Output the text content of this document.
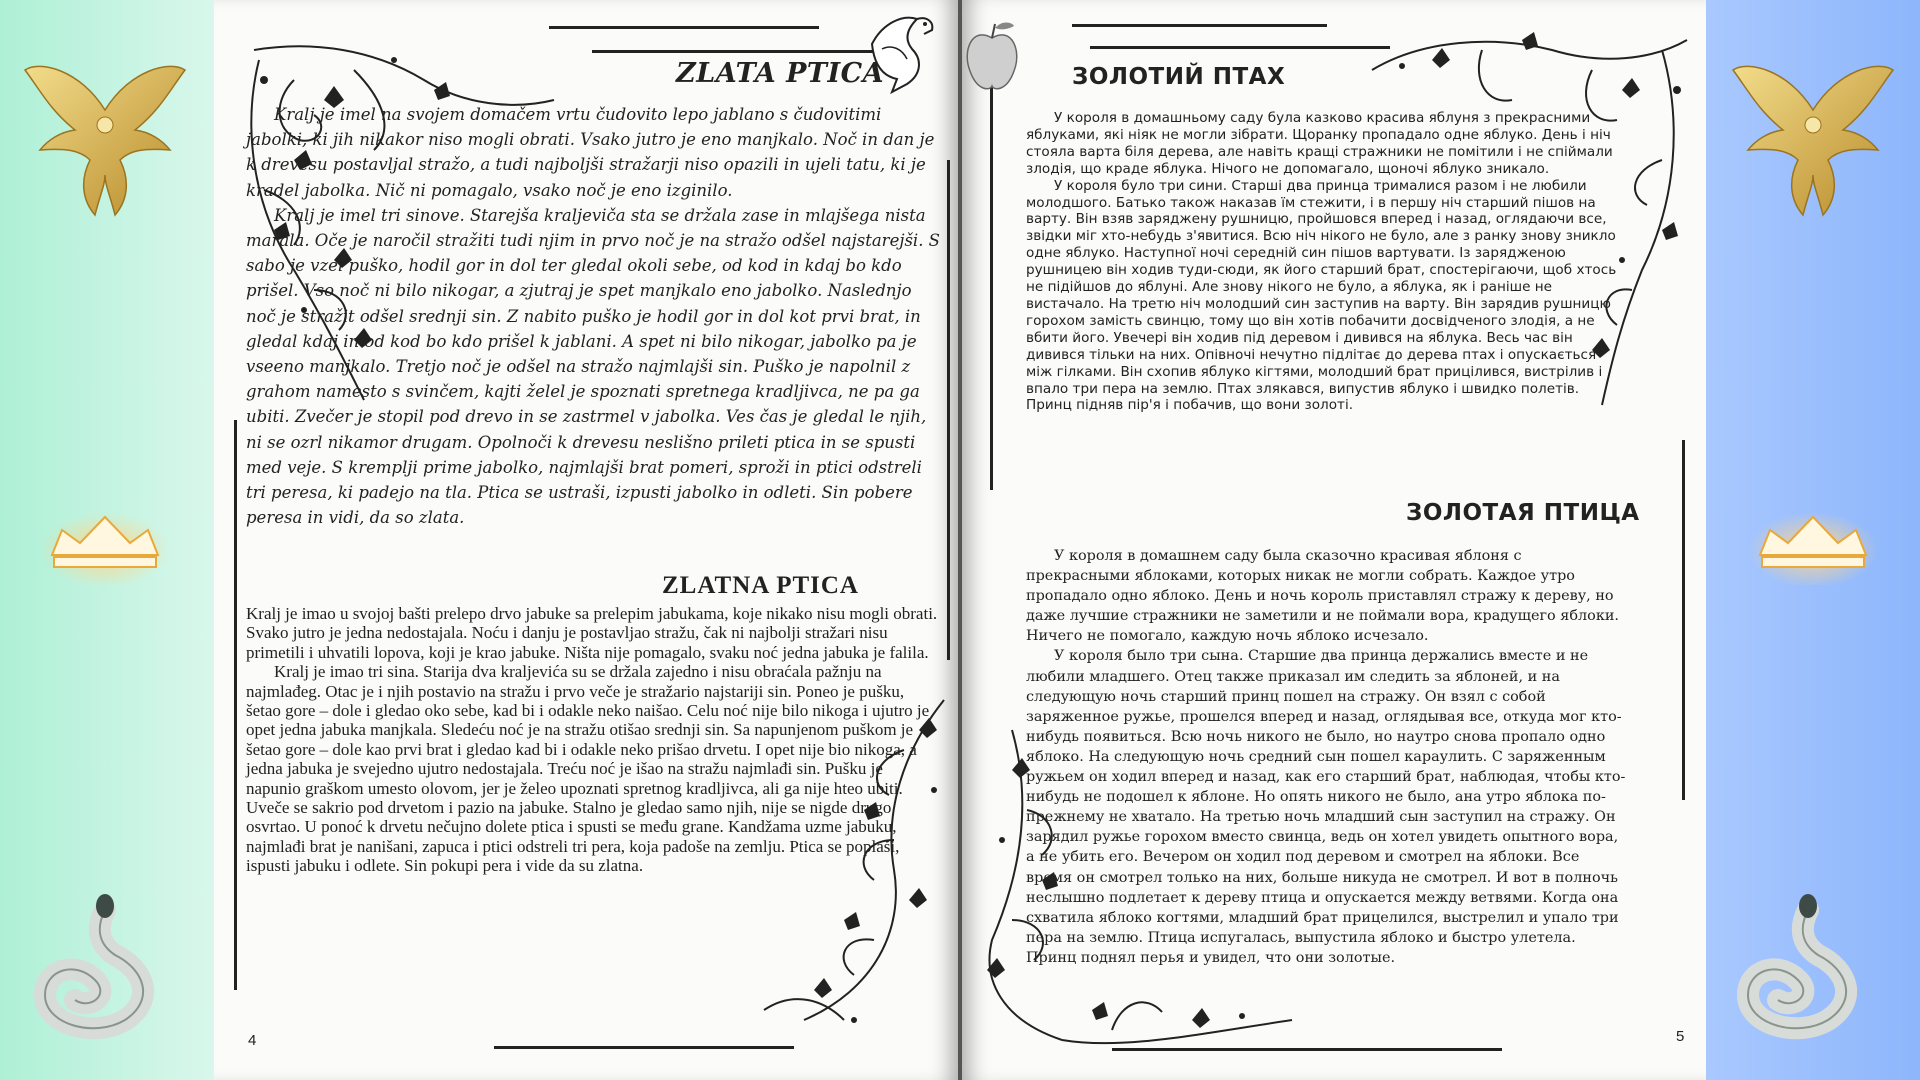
ZLATA PTICA

Kralj je imel na svojem domačem vrtu čudovito lepo jablano s čudovitimi jabolki, ki jih nikakor niso mogli obrati. Vsako jutro je eno manjkalo. Noč in dan je k drevesu postavljal stražo, a tudi najboljši stražarji niso opazili in ujeli tatu, ki je kradel jabolka. Nič ni pomagalo, vsako noč je eno izginilo.

Kralj je imel tri sinove. Starejša kraljeviča sta se držala zase in mlajšega nista marala. Oče je naročil stražiti tudi njim in prvo noč je na stražo odšel najstarejši. S sabo je vzel puško, hodil gor in dol ter gledal okoli sebe, od kod in kdaj bo kdo prišel. Vso noč ni bilo nikogar, a zjutraj je spet manjkalo eno jabolko. Naslednjo noč je stražit odšel srednji sin. Z nabito puško je hodil gor in dol kot prvi brat, in gledal kdaj in od kod bo kdo prišel k jablani. A spet ni bilo nikogar, jabolko pa je vseeno manjkalo. Tretjo noč je odšel na stražo najmlajši sin. Puško je napolnil z grahom namesto s svinčem, kajti želel je spoznati spretnega kradljivca, ne pa ga ubiti. Zvečer je stopil pod drevo in se zastrmel v jabolka. Ves čas je gledal le njih, ni se ozrl nikamor drugam. Opolnoči k drevesu neslišno prileti ptica in se spusti med veje. S kremplji prime jabolko, najmlajši brat pomeri, sproži in ptici odstreli tri peresa, ki padejo na tla. Ptica se ustraši, izpusti jabolko in odleti. Sin pobere peresa in vidi, da so zlata.

ZLATNA PTICA

Kralj je imao u svojoj bašti prelepo drvo jabuke sa prelepim jabukama, koje nikako nisu mogli obrati. Svako jutro je jedna nedostajala. Noću i danju je postavljao stražu, čak ni najbolji stražari nisu primetili i uhvatili lopova, koji je krao jabuke. Ništa nije pomagalo, svaku noć jedna jabuka je falila.

Kralj je imao tri sina. Starija dva kraljevića su se držala zajedno i nisu obraćala pažnju na najmlađeg. Otac je i njih postavio na stražu i prvo veče je stražario najstariji sin. Poneo je pušku, šetao gore – dole i gledao oko sebe, kad bi i odakle neko naišao. Celu noć nije bilo nikoga i ujutro je opet jedna jabuka manjkala. Sledeću noć je na stražu otišao srednji sin. Sa napunjenom puškom je šetao gore – dole kao prvi brat i gledao kad bi i odakle neko prišao drvetu. I opet nije bio nikoga, a jedna jabuka je svejedno ujutro nedostajala. Treću noć je išao na stražu najmlađi sin. Pušku je napunio graškom umesto olovom, jer je želeo upoznati spretnog kradljivca, ali ga nije hteo ubiti. Uveče se sakrio pod drvetom i pazio na jabuke. Stalno je gledao samo njih, nije se nigde drugo osvrtao. U ponoć k drvetu nečujno dolete ptica i spusti se među grane. Kandžama uzme jabuku, najmlađi brat je nanišani, zapuca i ptici odstreli tri pera, koja padoše na zemlju. Ptica se poplaši, ispusti jabuku i odlete. Sin pokupi pera i vide da su zlatna.

4
ЗОЛОТИЙ ПТАХ

У короля в домашньому саду була казково красива яблуня з прекрасними яблуками, які ніяк не могли зібрати. Щоранку пропадало одне яблуко. День і ніч стояла варта біля дерева, але навіть кращі стражники не помітили і не спіймали злодія, що краде яблука. Нічого не допомагало, щоночі яблуко зникало.

У короля було три сини. Старші два принца трималися разом і не любили молодшого. Батько також наказав їм стежити, і в першу ніч старший пішов на варту. Він взяв заряджену рушницю, пройшовся вперед і назад, оглядаючи все, звідки міг хто-небудь з'явитися. Всю ніч нікого не було, але з ранку знову зникло одне яблуко. Наступної ночі середній син пішов вартувати. Із зарядженою рушницею він ходив туди-сюди, як його старший брат, спостерігаючи, щоб хтось не підійшов до яблуні. Але знову нікого не було, а яблука, як і раніше не вистачало. На третю ніч молодший син заступив на варту. Він зарядив рушницю горохом замість свинцю, тому що він хотів побачити досвідченого злодія, а не вбити його. Увечері він ходив під деревом і дивився на яблука. Весь час він дивився тільки на них. Опівночі нечутно підлітає до дерева птах і опускається між гілками. Він схопив яблуко кігтями, молодший брат прицілився, вистрілив і впало три пера на землю. Птах злякався, випустив яблуко і швидко полетів. Принц підняв пір'я і побачив, що вони золоті.

ЗОЛОТАЯ ПТИЦА

У короля в домашнем саду была сказочно красивая яблоня с прекрасными яблоками, которых никак не могли собрать. Каждое утро пропадало одно яблоко. День и ночь король приставлял стражу к дереву, но даже лучшие стражники не заметили и не поймали вора, крадущего яблоки. Ничего не помогало, каждую ночь яблоко исчезало.

У короля было три сына. Старшие два принца держались вместе и не любили младшего. Отец также приказал им следить за яблоней, и на следующую ночь старший принц пошел на стражу. Он взял с собой заряженное ружье, прошелся вперед и назад, оглядывая все, откуда мог кто-нибудь появиться. Всю ночь никого не было, но наутро снова пропало одно яблоко. На следующую ночь средний сын пошел караулить. С заряженным ружьем он ходил вперед и назад, как его старший брат, наблюдая, чтобы кто-нибудь не подошел к яблоне. Но опять никого не было, ана утро яблока по-прежнему не хватало. На третью ночь младший сын заступил на стражу. Он зарядил ружье горохом вместо свинца, ведь он хотел увидеть опытного вора, а не убить его. Вечером он ходил под деревом и смотрел на яблоки. Все время он смотрел только на них, больше никуда не смотрел. И вот в полночь неслышно подлетает к дереву птица и опускается между ветвями. Когда она схватила яблоко когтями, младший брат прицелился, выстрелил и упало три пера на землю. Птица испугалась, выпустила яблоко и быстро улетела. Принц поднял перья и увидел, что они золотые.

5
